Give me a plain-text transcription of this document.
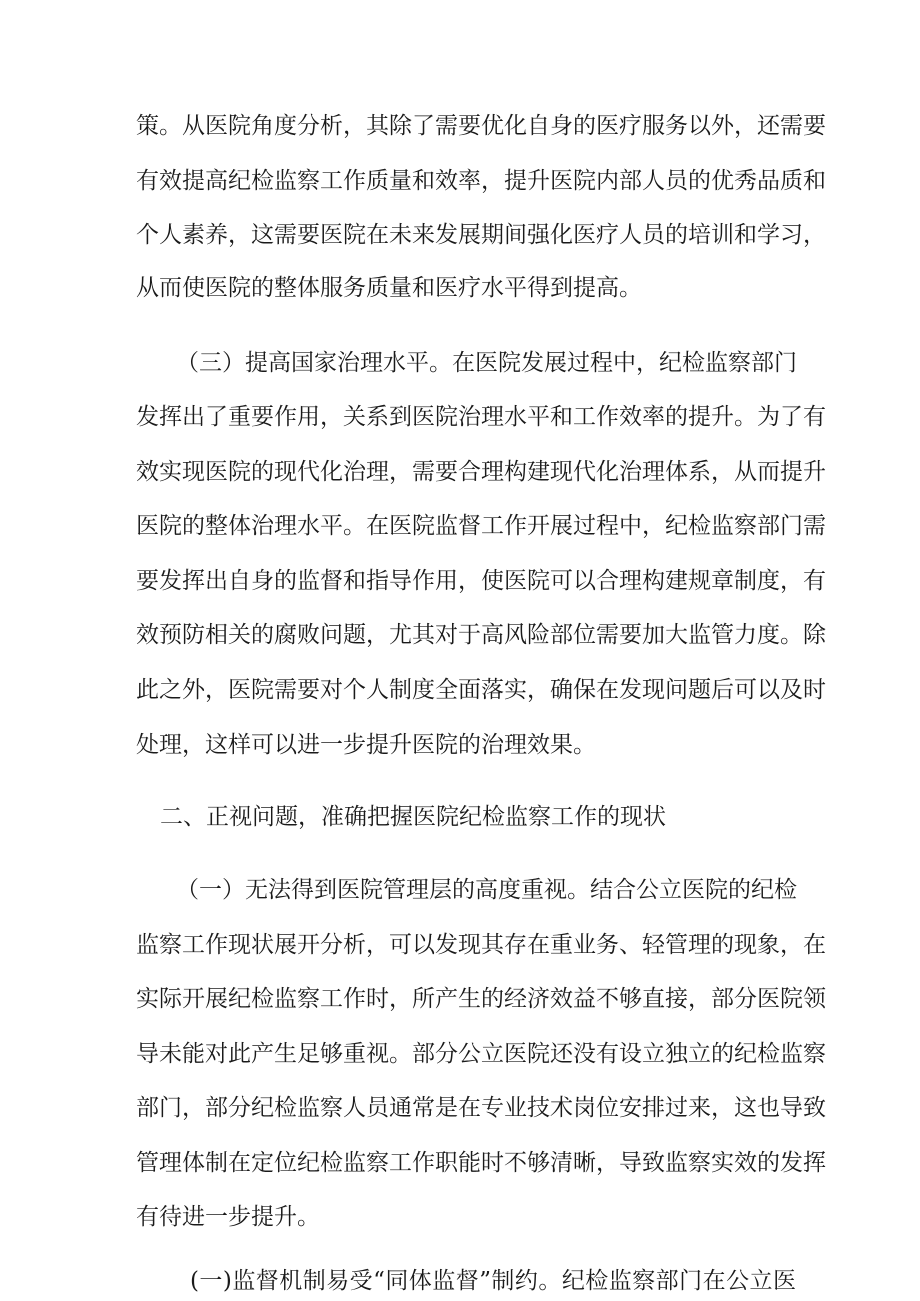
策。从医院角度分析，其除了需要优化自身的医疗服务以外，还需要
有效提高纪检监察工作质量和效率，提升医院内部人员的优秀品质和
个人素养，这需要医院在未来发展期间强化医疗人员的培训和学习，
从而使医院的整体服务质量和医疗水平得到提高。
（三）提高国家治理水平。在医院发展过程中，纪检监察部门
发挥出了重要作用，关系到医院治理水平和工作效率的提升。为了有
效实现医院的现代化治理，需要合理构建现代化治理体系，从而提升
医院的整体治理水平。在医院监督工作开展过程中，纪检监察部门需
要发挥出自身的监督和指导作用，使医院可以合理构建规章制度，有
效预防相关的腐败问题，尤其对于高风险部位需要加大监管力度。除
此之外，医院需要对个人制度全面落实，确保在发现问题后可以及时
处理，这样可以进一步提升医院的治理效果。
二、正视问题，准确把握医院纪检监察工作的现状
（一）无法得到医院管理层的高度重视。结合公立医院的纪检
监察工作现状展开分析，可以发现其存在重业务、轻管理的现象，在
实际开展纪检监察工作时，所产生的经济效益不够直接，部分医院领
导未能对此产生足够重视。部分公立医院还没有设立独立的纪检监察
部门，部分纪检监察人员通常是在专业技术岗位安排过来，这也导致
管理体制在定位纪检监察工作职能时不够清晰，导致监察实效的发挥
有待进一步提升。
(一)监督机制易受“同体监督”制约。纪检监察部门在公立医
